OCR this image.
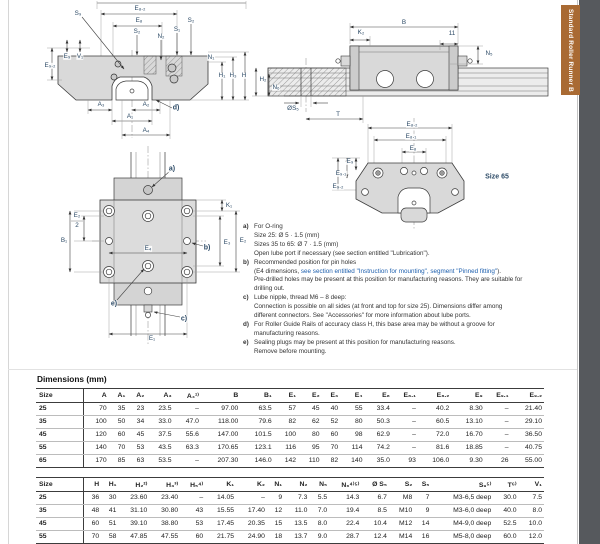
Standard Roller Runner B
S₉
E₈.₂
E₈
S₂
N₂
S₁
S₂
E₉ V₁
E₉.₂
N₁
H₁ H₃ H
A₃	A₂
d)
A₁
A₄
B
K₂	11
N₅
H₂
N₆
ØS₅
T
E₈.₂
E₈.₁
E₈
E₉
E₉.₁
E₉.₂
Size 65
a)
K₁
E₂
2
B₁
E₄	b)
E₃ E₂
e)
c)
E₁
a) For O-ring
Size 25: Ø 5 · 1.5 (mm)
Sizes 35 to 65: Ø 7 · 1.5 (mm)
Open lube port if necessary (see section entitled "Lubrication").
b) Recommended position for pin holes
(E4 dimensions, see section entitled "Instruction for mounting", segment "Pinned fitting").
Pre-drilled holes may be present at this position for manufacturing reasons. They are suitable for
drilling out.
c) Lube nipple, thread M6 – 8 deep:
Connection is possible on all sides (at front and top for size 25). Dimensions differ among
different connectors. See "Accessories" for more information about lube ports.
d) For Roller Guide Rails of accuracy class H, this base area may be without a groove for
manufacturing reasons.
e) Sealing plugs may be present at this position for manufacturing reasons.
Remove before mounting.
Dimensions (mm)
Size	A	A₁	A₂	A₃	A₄¹⁾	B	B₁	E₁	E₂	E₃	E₄	E₈	E₈.₁	E₈.₂	E₉	E₉.₁	E₉.₂
25	70	35	23	23.5	–	97.00	63.5	57	45	40	55	33.4	–	40.2	8.30	–	21.40
35	100	50	34	33.0	47.0	118.00	79.6	82	62	52	80	50.3	–	60.5	13.10	–	29.10
45	120	60	45	37.5	55.6	147.00	101.5	100	80	60	98	62.9	–	72.0	16.70	–	36.50
55	140	70	53	43.5	63.3	170.65	123.1	116	95	70	114	74.2	–	81.6	18.85	–	40.75
65	170	85	63	53.5	–	207.30	146.0	142	110	82	140	35.0	93	106.0	9.30	26	55.00
Size	H	H₁	H₂²⁾	H₃³⁾	H₅⁴⁾	K₁	K₂	N₁	N₂	N₅	N₆⁴⁾⁵⁾	Ø S₅	S₂	S₅	S₉⁵⁾	T⁶⁾	V₁
25	36	30	23.60	23.40	–	14.05	–	9	7.3	5.5	14.3	6.7	M8	7	M3-6,5 deep	30.0	7.5
35	48	41	31.10	30.80	43	15.55	17.40	12	11.0	7.0	19.4	8.5	M10	9	M3-6,0 deep	40.0	8.0
45	60	51	39.10	38.80	53	17.45	20.35	15	13.5	8.0	22.4	10.4	M12	14	M4-9,0 deep	52.5	10.0
55	70	58	47.85	47.55	60	21.75	24.90	18	13.7	9.0	28.7	12.4	M14	16	M5-8,0 deep	60.0	12.0
